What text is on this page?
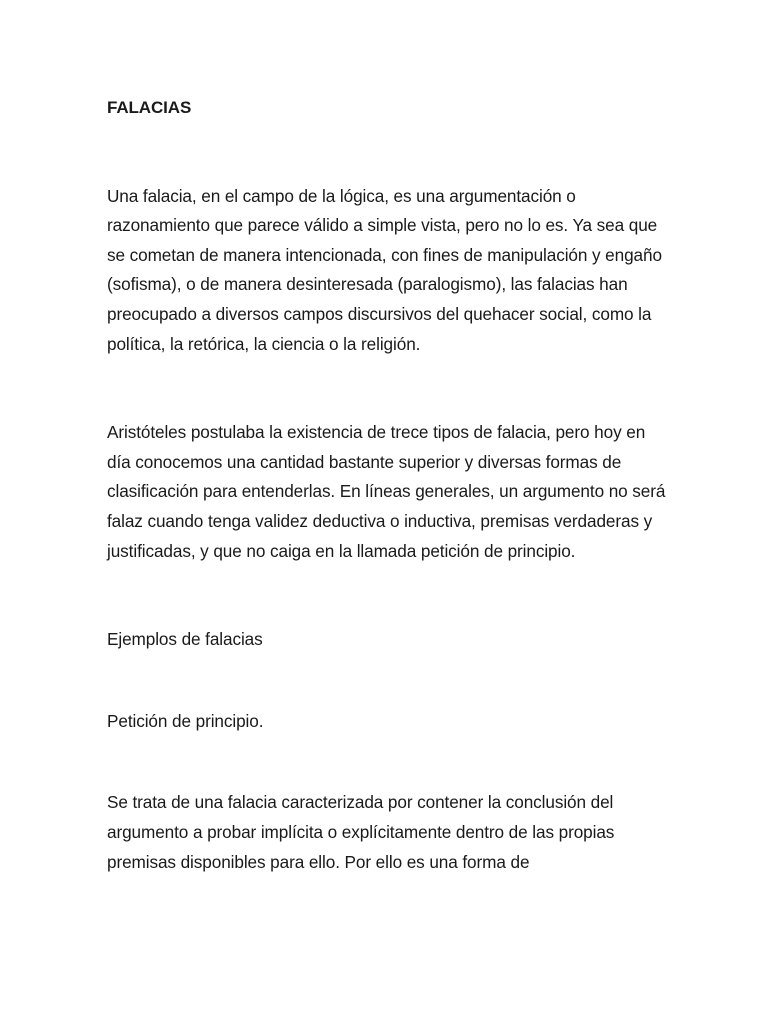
FALACIAS

Una falacia, en el campo de la lógica, es una argumentación o razonamiento que parece válido a simple vista, pero no lo es. Ya sea que se cometan de manera intencionada, con fines de manipulación y engaño (sofisma), o de manera desinteresada (paralogismo), las falacias han preocupado a diversos campos discursivos del quehacer social, como la política, la retórica, la ciencia o la religión.

Aristóteles postulaba la existencia de trece tipos de falacia, pero hoy en día conocemos una cantidad bastante superior y diversas formas de clasificación para entenderlas. En líneas generales, un argumento no será falaz cuando tenga validez deductiva o inductiva, premisas verdaderas y justificadas, y que no caiga en la llamada petición de principio.

Ejemplos de falacias

Petición de principio.

Se trata de una falacia caracterizada por contener la conclusión del argumento a probar implícita o explícitamente dentro de las propias premisas disponibles para ello. Por ello es una forma de
